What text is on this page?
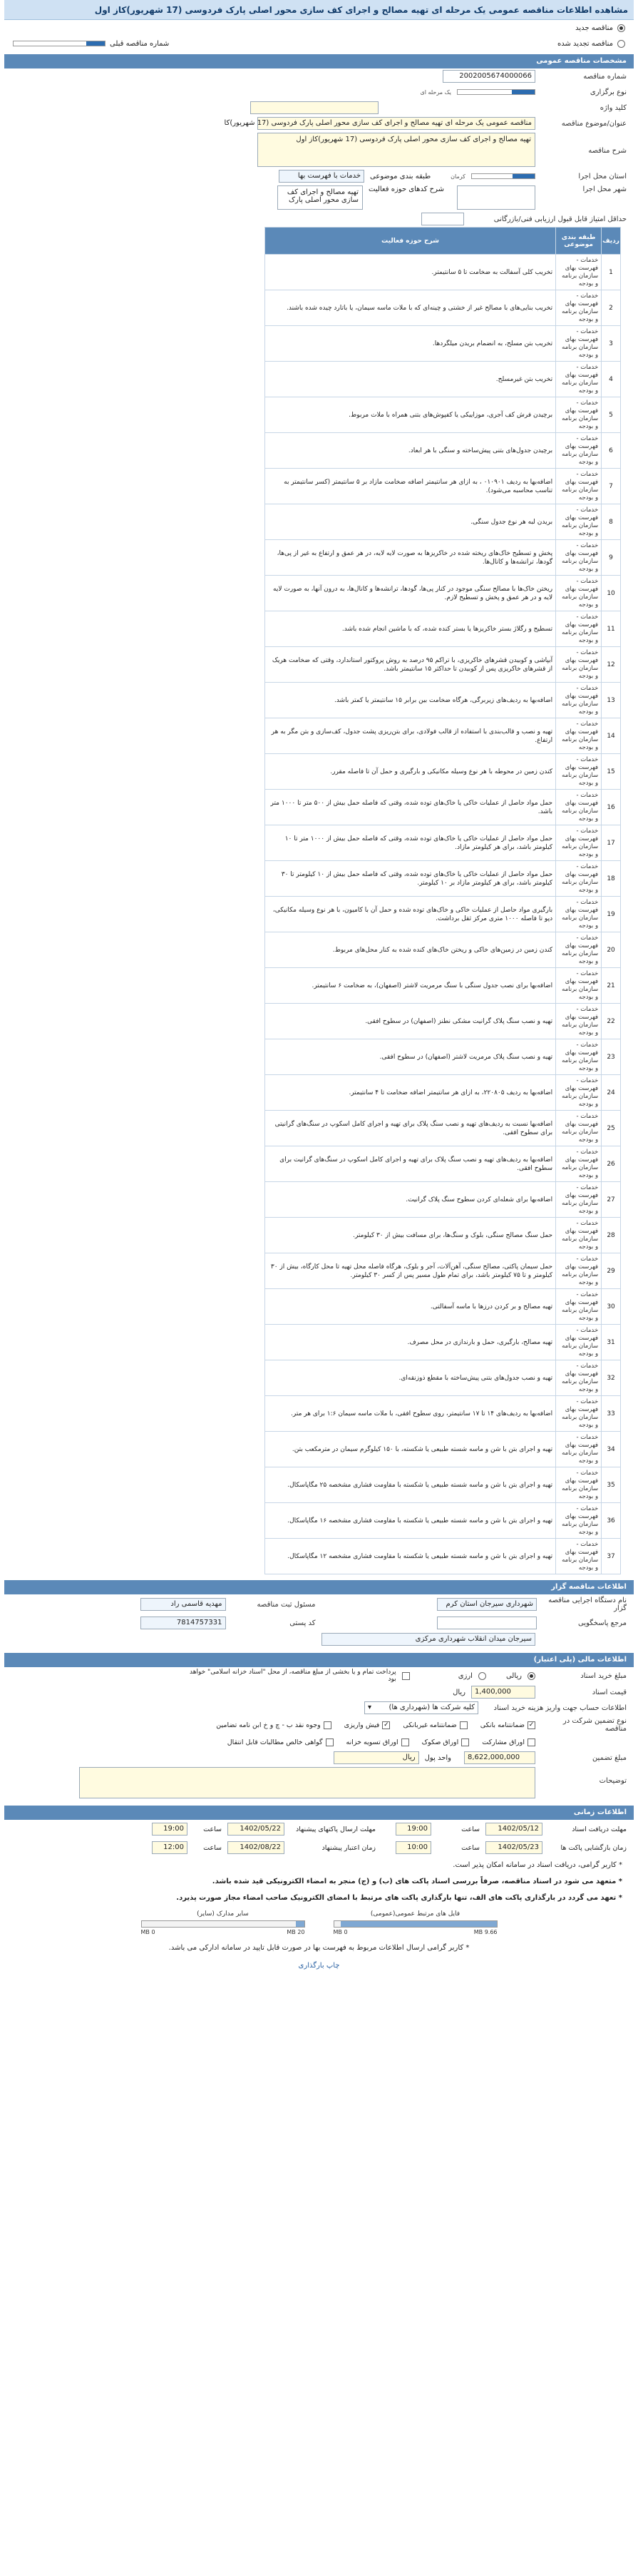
مشاهده اطلاعات مناقصه عمومی یک مرحله ای تهیه مصالح و اجرای کف سازی محور اصلی پارک فردوسی (17 شهریور)کاز اول
مناقصه جدید
مناقصه تجدید شده
شماره مناقصه قبلی
مشخصات مناقصه عمومی
شماره مناقصه
2002005674000066
نوع برگزاری
یک مرحله ای
کلید واژه
عنوان/موضوع مناقصه
مناقصه عمومی یک مرحله ای تهیه مصالح و اجرای کف سازی محور اصلی پارک فردوسی (17 شهریور)کا
شرح مناقصه
تهیه مصالح و اجرای کف سازی محور اصلی پارک فردوسی (17 شهریور)کاز اول
استان محل اجرا
کرمان
طبقه بندی موضوعی
خدمات با فهرست بها
شهر محل اجرا
شرح کدهای حوزه فعالیت
تهیه مصالح و اجرای کف سازی محور اصلی پارک
حداقل امتیاز قابل قبول ارزیابی فنی/بازرگانی
ردیف	طبقه بندی موضوعی	شرح حوزه فعالیت
1	خدمات - فهرست بهای سازمان برنامه و بودجه	تخریب کلی آسفالت به ضخامت تا ۵ سانتیمتر.
2	خدمات - فهرست بهای سازمان برنامه و بودجه	تخریب بنایی‌های با مصالح غیر از خشتی و چینه‌ای که با ملات ماسه سیمان، یا باتارد چیده شده باشند.
3	خدمات - فهرست بهای سازمان برنامه و بودجه	تخریب بتن مسلح، به انضمام بریدن میلگردها.
4	خدمات - فهرست بهای سازمان برنامه و بودجه	تخریب بتن غیرمسلح.
5	خدمات - فهرست بهای سازمان برنامه و بودجه	برچیدن فرش کف آجری، موزاییکی یا کفپوش‌های بتنی همراه با ملات مربوط.
6	خدمات - فهرست بهای سازمان برنامه و بودجه	برچیدن جدول‌های بتنی پیش‌ساخته و سنگی با هر ابعاد.
7	خدمات - فهرست بهای سازمان برنامه و بودجه	اضافه‌بها به ردیف ۰۱۰۹۰۱ ، به ازای هر سانتیمتر اضافه ضخامت مازاد بر ۵ سانتیمتر (کسر سانتیمتر به تناسب محاسبه می‌شود).
8	خدمات - فهرست بهای سازمان برنامه و بودجه	بریدن لبه هر نوع جدول سنگی.
9	خدمات - فهرست بهای سازمان برنامه و بودجه	پخش و تسطیح خاک‌های ریخته شده در خاکریزها به صورت لایه لایه، در هر عمق و ارتفاع به غیر از پی‌ها، گودها، ترانشه‌ها و کانال‌ها.
10	خدمات - فهرست بهای سازمان برنامه و بودجه	ریختن خاک‌ها با مصالح سنگی موجود در کنار پی‌ها، گودها، ترانشه‌ها و کانال‌ها، به درون آنها، به صورت لایه لایه و در هر عمق و پخش و تسطیح لازم.
11	خدمات - فهرست بهای سازمان برنامه و بودجه	تسطیح و رگلاژ بستر خاکریزها یا بستر کنده شده، که با ماشین انجام شده باشد.
12	خدمات - فهرست بهای سازمان برنامه و بودجه	آبپاشی و کوبیدن قشرهای خاکریزی، با تراکم ۹۵ درصد به روش پروکتور استاندارد، وقتی که ضخامت هریک از قشرهای خاکریزی پس از کوبیدن تا حداکثر ۱۵ سانتیمتر باشد.
13	خدمات - فهرست بهای سازمان برنامه و بودجه	اضافه‌بها به ردیف‌های زیربرگی، هرگاه ضخامت بین برابر ۱۵ سانتیمتر یا کمتر باشد.
14	خدمات - فهرست بهای سازمان برنامه و بودجه	تهیه و نصب و قالب‌بندی با استفاده از قالب فولادی، برای بتن‌ریزی پشت جدول، کف‌سازی و بتن مگر به هر ارتفاع.
15	خدمات - فهرست بهای سازمان برنامه و بودجه	کندن زمین در محوطه با هر نوع وسیله مکانیکی و بارگیری و حمل آن تا فاصله مقرر.
16	خدمات - فهرست بهای سازمان برنامه و بودجه	حمل مواد حاصل از عملیات خاکی یا خاک‌های توده شده، وقتی که فاصله حمل بیش از ۵۰۰ متر تا ۱۰۰۰ متر باشد.
17	خدمات - فهرست بهای سازمان برنامه و بودجه	حمل مواد حاصل از عملیات خاکی یا خاک‌های توده شده، وقتی که فاصله حمل بیش از ۱۰۰۰ متر تا ۱۰ کیلومتر باشد، برای هر کیلومتر مازاد.
18	خدمات - فهرست بهای سازمان برنامه و بودجه	حمل مواد حاصل از عملیات خاکی یا خاک‌های توده شده، وقتی که فاصله حمل بیش از ۱۰ کیلومتر تا ۳۰ کیلومتر باشد، برای هر کیلومتر مازاد بر ۱۰ کیلومتر.
19	خدمات - فهرست بهای سازمان برنامه و بودجه	بارگیری مواد حاصل از عملیات خاکی و خاک‌های توده شده و حمل آن با کامیون، با هر نوع وسیله مکانیکی، دپو تا فاصله ۱۰۰۰ متری مرکز ثقل برداشت.
20	خدمات - فهرست بهای سازمان برنامه و بودجه	کندن زمین در زمین‌های خاکی و ریختن خاک‌های کنده شده به کنار محل‌های مربوط.
21	خدمات - فهرست بهای سازمان برنامه و بودجه	اضافه‌بها برای نصب جدول سنگی با سنگ مرمریت لاشتر (اصفهان)، به ضخامت ۶ سانتیمتر.
22	خدمات - فهرست بهای سازمان برنامه و بودجه	تهیه و نصب سنگ پلاک گرانیت مشکی نطنز (اصفهان) در سطوح افقی.
23	خدمات - فهرست بهای سازمان برنامه و بودجه	تهیه و نصب سنگ پلاک مرمریت لاشتر (اصفهان) در سطوح افقی.
24	خدمات - فهرست بهای سازمان برنامه و بودجه	اضافه‌بها به ردیف ۲۲۰۸۰۵، به ازای هر سانتیمتر اضافه ضخامت تا ۴ سانتیمتر.
25	خدمات - فهرست بهای سازمان برنامه و بودجه	اضافه‌بها نسبت به ردیف‌های تهیه و نصب سنگ پلاک برای تهیه و اجرای کامل اسکوپ در سنگ‌های گرانیتی برای سطوح افقی.
26	خدمات - فهرست بهای سازمان برنامه و بودجه	اضافه‌بها به ردیف‌های تهیه و نصب سنگ پلاک برای تهیه و اجرای کامل اسکوپ در سنگ‌های گرانیت برای سطوح افقی.
27	خدمات - فهرست بهای سازمان برنامه و بودجه	اضافه‌بها برای شعله‌ای کردن سطوح سنگ پلاک گرانیت.
28	خدمات - فهرست بهای سازمان برنامه و بودجه	حمل سنگ مصالح سنگی، بلوک و سنگ‌ها، برای مسافت بیش از ۳۰ کیلومتر.
29	خدمات - فهرست بهای سازمان برنامه و بودجه	حمل سیمان پاکتی، مصالح سنگی، آهن‌آلات، آجر و بلوک، هرگاه فاصله محل تهیه تا محل کارگاه، بیش از ۳۰ کیلومتر و تا ۷۵ کیلومتر باشد، برای تمام طول مسیر پس از کسر ۳۰ کیلومتر.
30	خدمات - فهرست بهای سازمان برنامه و بودجه	تهیه مصالح و بر کردن درزها با ماسه آسفالتی.
31	خدمات - فهرست بهای سازمان برنامه و بودجه	تهیه مصالح، بارگیری، حمل و بارندازی در محل مصرف.
32	خدمات - فهرست بهای سازمان برنامه و بودجه	تهیه و نصب جدول‌های بتنی پیش‌ساخته با مقطع ذوزنقه‌ای.
33	خدمات - فهرست بهای سازمان برنامه و بودجه	اضافه‌بها به ردیف‌های ۱۴ تا ۱۷ سانتیمتر، روی سطوح افقی، با ملات ماسه سیمان ۱:۶ برای هر متر.
34	خدمات - فهرست بهای سازمان برنامه و بودجه	تهیه و اجرای بتن با شن و ماسه شسته طبیعی یا شکسته، با ۱۵۰ کیلوگرم سیمان در مترمکعب بتن.
35	خدمات - فهرست بهای سازمان برنامه و بودجه	تهیه و اجرای بتن با شن و ماسه شسته طبیعی یا شکسته با مقاومت فشاری مشخصه ۲۵ مگاپاسکال.
36	خدمات - فهرست بهای سازمان برنامه و بودجه	تهیه و اجرای بتن با شن و ماسه شسته طبیعی یا شکسته با مقاومت فشاری مشخصه ۱۶ مگاپاسکال.
37	خدمات - فهرست بهای سازمان برنامه و بودجه	تهیه و اجرای بتن با شن و ماسه شسته طبیعی یا شکسته با مقاومت فشاری مشخصه ۱۲ مگاپاسکال.
اطلاعات مناقصه گزار
نام دستگاه اجرایی مناقصه گزار
شهرداری سیرجان استان کرم
مسئول ثبت مناقصه
مهدیه قاسمی راد
مرجع پاسخگویی
کد پستی
7814757331
سیرجان میدان انقلاب شهرداری مرکزی
اطلاعات مالی (پلی اعتبار)
مبلغ خرید اسناد
ریالی
ارزی
پرداخت تمام و یا بخشی از مبلغ مناقصه، از محل "اسناد خزانه اسلامی" خواهد بود
قیمت اسناد
1,400,000
ریال
اطلاعات حساب جهت واریز هزینه خرید اسناد
کلیه شرکت ها (شهرداری ها)
▾
نوع تضمین شرکت در مناقصه
✓
ضمانتنامه بانکی
ضمانتنامه غیربانکی
✓
فیش واریزی
وجوه نقد ب - چ و خ ابن نامه تضامین
اوراق مشارکت
اوراق صکوک
اوراق تسویه خزانه
گواهی خالص مطالبات قابل انتقال
مبلغ تضمین
8,622,000,000
واحد پول
ریال
توضیحات
اطلاعات زمانی
مهلت دریافت اسناد
1402/05/12
ساعت
19:00
مهلت ارسال پاکتهای پیشنهاد
1402/05/22
ساعت
19:00
زمان بازگشایی پاکت ها
1402/05/23
ساعت
10:00
زمان اعتبار پیشنهاد
1402/08/22
ساعت
12:00
* کاربر گرامی، دریافت اسناد در سامانه امکان پذیر است.
* متعهد می شود در اسناد مناقصه، صرفاً بررسی اسناد پاکت های (ب) و (ج) منجر به امضاء الکترونیکی قید شده باشد.
* تعهد می گردد در بارگذاری پاکت های الف، تنها بارگذاری پاکت های مرتبط با امضای الکترونیک صاحب امضاء مجاز صورت پذیرد.
فایل های مرتبط عمومی(عمومی)
9.66 MB
0 MB
سایر مدارک (سایر)
20 MB
0 MB
* کاربر گرامی ارسال اطلاعات مربوط به فهرست بها در صورت قابل تایید در سامانه ادارکی می باشد.
چاپ بارگذاری
